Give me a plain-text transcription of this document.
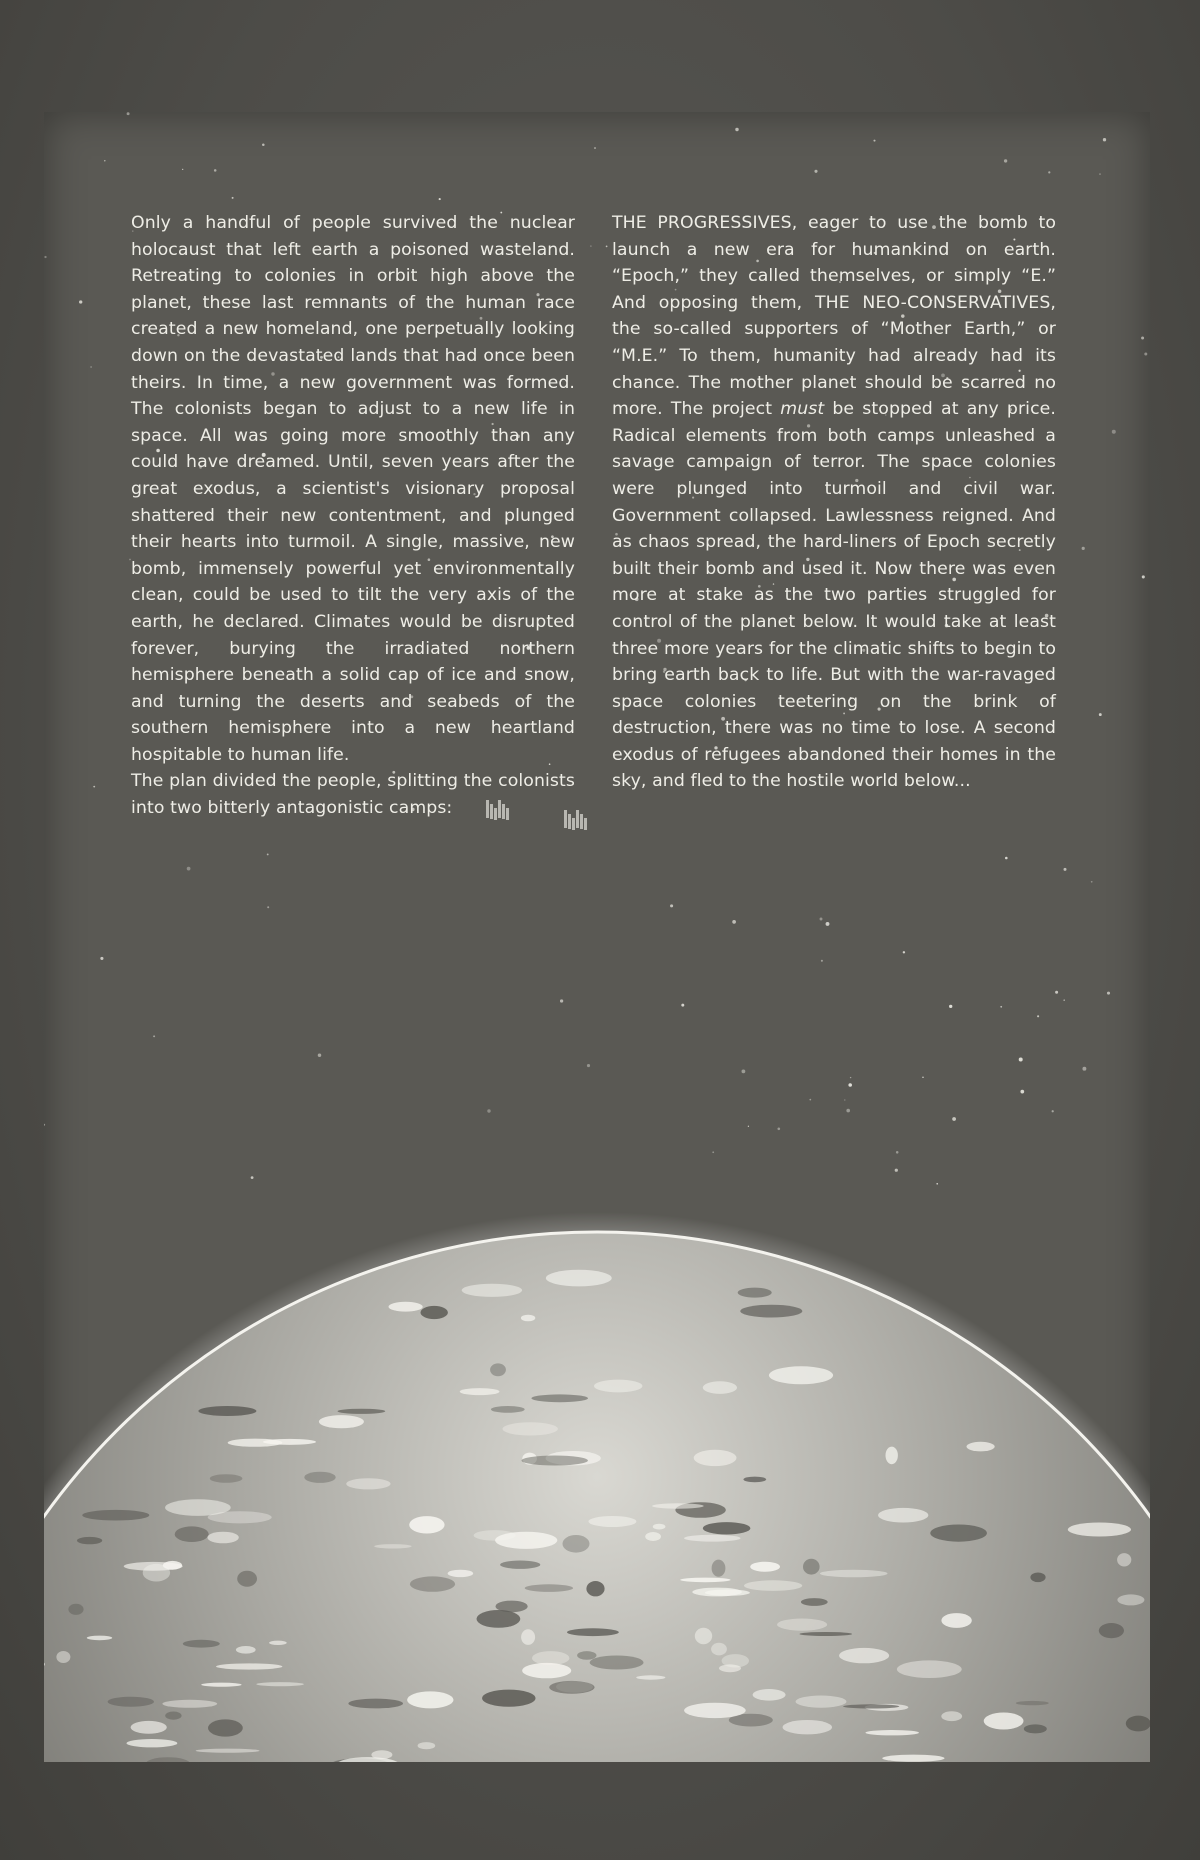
Only a handful of people survived the nuclear holocaust that left earth a poisoned wasteland. Retreating to colonies in orbit high above the planet, these last remnants of the human race created a new homeland, one perpetually looking down on the devastated lands that had once been theirs. In time, a new government was formed. The colonists began to adjust to a new life in space. All was going more smoothly than any could have dreamed. Until, seven years after the great exodus, a scientist's visionary proposal shattered their new contentment, and plunged their hearts into turmoil. A single, massive, new bomb, immensely powerful yet environmentally clean, could be used to tilt the very axis of the earth, he declared. Climates would be disrupted forever, burying the irradiated northern hemisphere beneath a solid cap of ice and snow, and turning the deserts and seabeds of the southern hemisphere into a new heartland hospitable to human life.

The plan divided the people, splitting the colonists into two bitterly antagonistic camps:

THE PROGRESSIVES, eager to use the bomb to launch a new era for humankind on earth. “Epoch,” they called themselves, or simply “E.” And opposing them, THE NEO-CONSERVATIVES, the so-called supporters of “Mother Earth,” or “M.E.” To them, humanity had already had its chance. The mother planet should be scarred no more. The project must be stopped at any price. Radical elements from both camps unleashed a savage campaign of terror. The space colonies were plunged into turmoil and civil war. Government collapsed. Lawlessness reigned. And as chaos spread, the hard-liners of Epoch secretly built their bomb and used it. Now there was even more at stake as the two parties struggled for control of the planet below. It would take at least three more years for the climatic shifts to begin to bring earth back to life. But with the war-ravaged space colonies teetering on the brink of destruction, there was no time to lose. A second exodus of refugees abandoned their homes in the sky, and fled to the hostile world below...
